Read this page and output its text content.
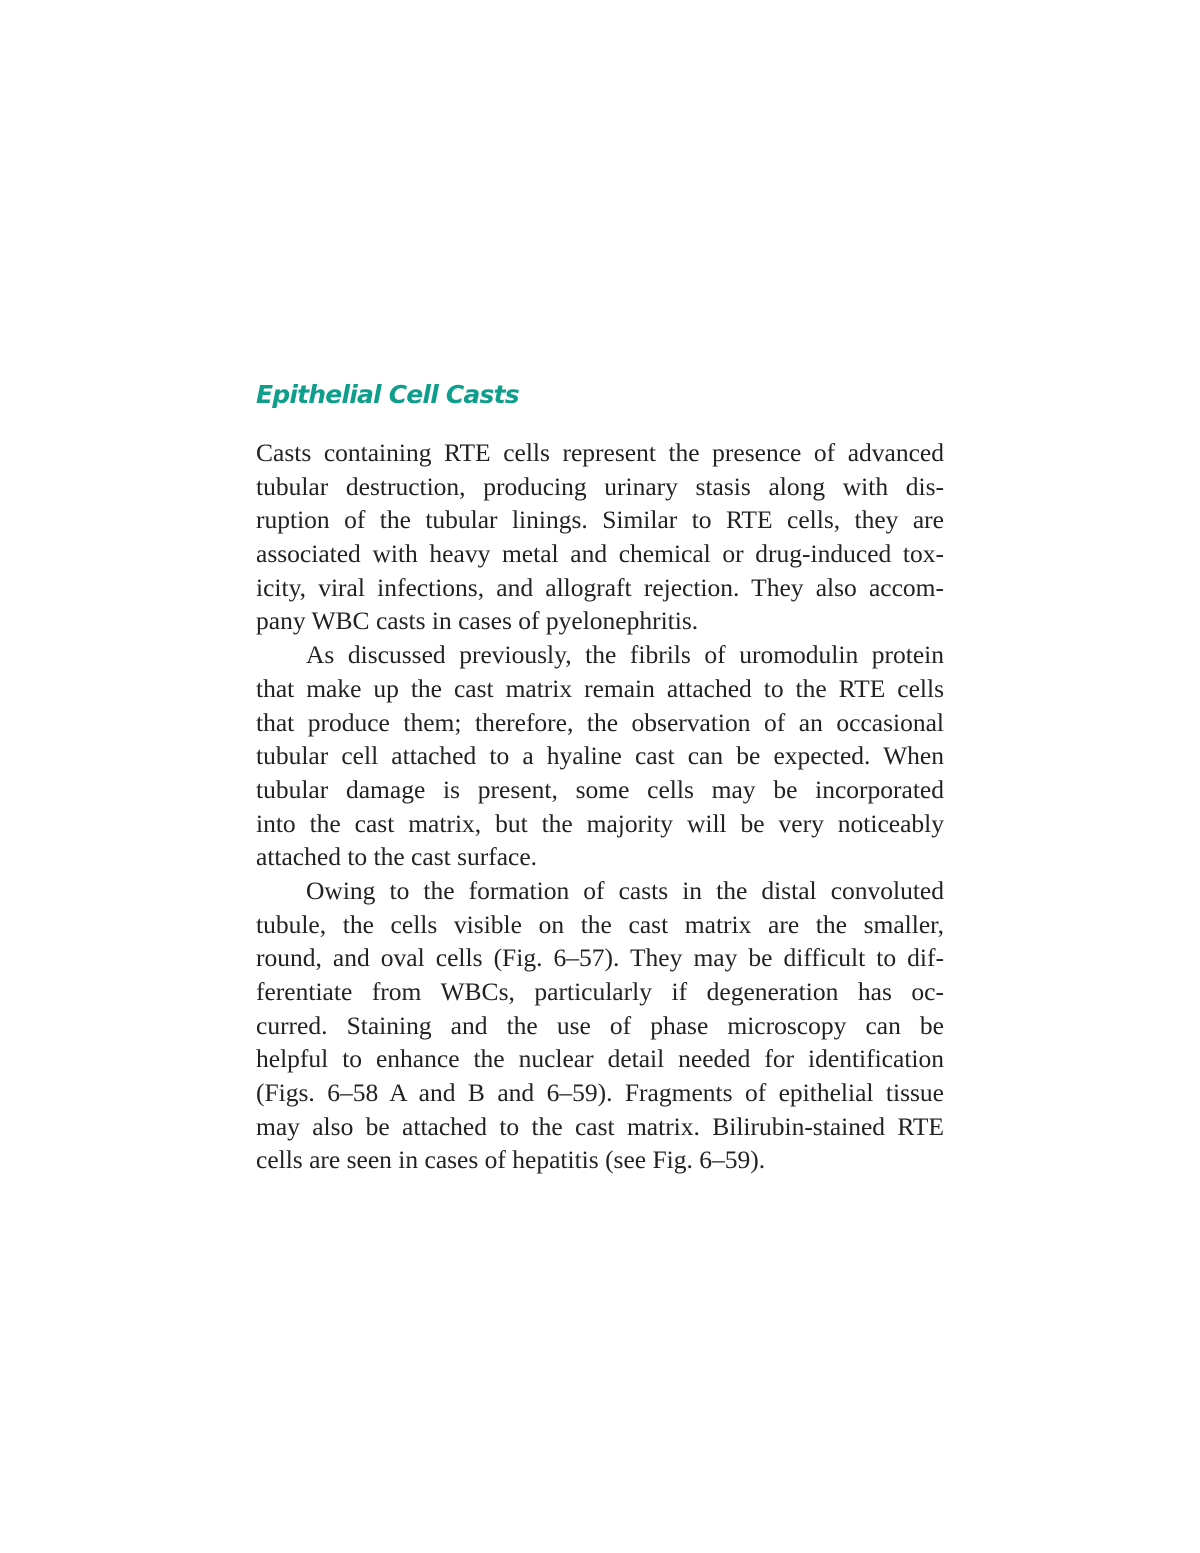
Epithelial Cell Casts
Casts containing RTE cells represent the presence of advanced
tubular destruction, producing urinary stasis along with dis-
ruption of the tubular linings. Similar to RTE cells, they are
associated with heavy metal and chemical or drug-induced tox-
icity, viral infections, and allograft rejection. They also accom-
pany WBC casts in cases of pyelonephritis.
As discussed previously, the fibrils of uromodulin protein
that make up the cast matrix remain attached to the RTE cells
that produce them; therefore, the observation of an occasional
tubular cell attached to a hyaline cast can be expected. When
tubular damage is present, some cells may be incorporated
into the cast matrix, but the majority will be very noticeably
attached to the cast surface.
Owing to the formation of casts in the distal convoluted
tubule, the cells visible on the cast matrix are the smaller,
round, and oval cells (Fig. 6–57). They may be difficult to dif-
ferentiate from WBCs, particularly if degeneration has oc-
curred. Staining and the use of phase microscopy can be
helpful to enhance the nuclear detail needed for identification
(Figs. 6–58 A and B and 6–59). Fragments of epithelial tissue
may also be attached to the cast matrix. Bilirubin-stained RTE
cells are seen in cases of hepatitis (see Fig. 6–59).
